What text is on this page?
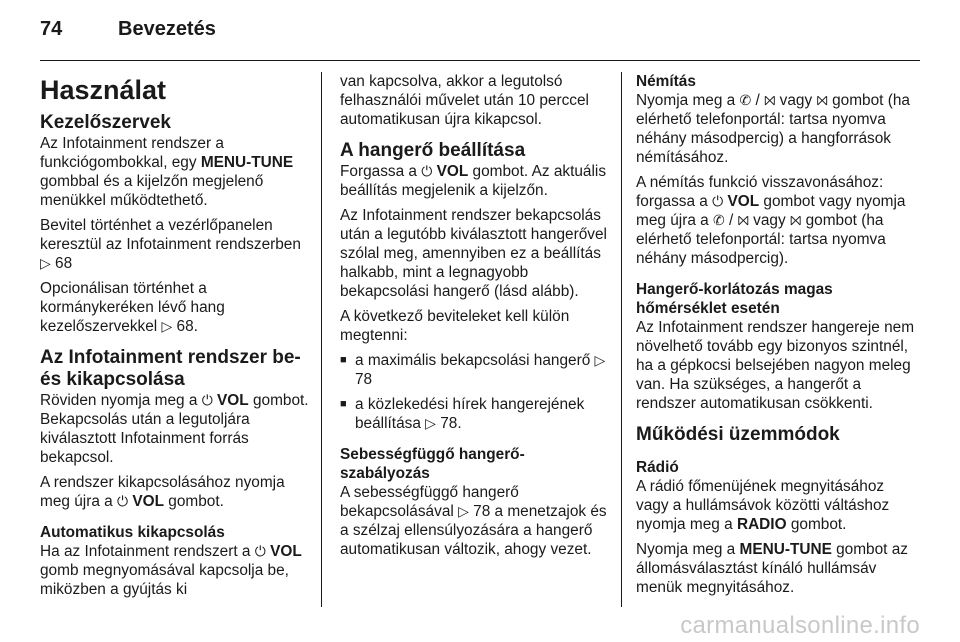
74	Bevezetés
Használat
Kezelőszervek

Az Infotainment rendszer a funkciógombokkal, egy MENU-TUNE gombbal és a kijelzőn megjelenő menükkel működtethető.

Bevitel történhet a vezérlőpanelen keresztül az Infotainment rendszerben ▷ 68

Opcionálisan történhet a kormánykeréken lévő hang kezelőszervekkel ▷ 68.

Az Infotainment rendszer be- és kikapcsolása

Röviden nyomja meg a ⏻ VOL gombot. Bekapcsolás után a legutoljára kiválasztott Infotainment forrás bekapcsol.

A rendszer kikapcsolásához nyomja meg újra a ⏻ VOL gombot.

Automatikus kikapcsolás

Ha az Infotainment rendszert a ⏻ VOL gomb megnyomásával kapcsolja be, miközben a gyújtás ki

van kapcsolva, akkor a legutolsó felhasználói művelet után 10 perccel automatikusan újra kikapcsol.

A hangerő beállítása

Forgassa a ⏻ VOL gombot. Az aktuális beállítás megjelenik a kijelzőn.

Az Infotainment rendszer bekapcsolás után a legutóbb kiválasztott hangerővel szólal meg, amennyiben ez a beállítás halkabb, mint a legnagyobb bekapcsolási hangerő (lásd alább).

A következő beviteleket kell külön megtenni:

■ a maximális bekapcsolási hangerő ▷ 78
■ a közlekedési hírek hangerejének beállítása ▷ 78.
Sebességfüggő hangerő-szabályozás

A sebességfüggő hangerő bekapcsolásával ▷ 78 a menetzajok és a szélzaj ellensúlyozására a hangerő automatikusan változik, ahogy vezet.

Némítás

Nyomja meg a ✆ / ⨝ vagy ⨝ gombot (ha elérhető telefonportál: tartsa nyomva néhány másodpercig) a hangforrások némításához.

A némítás funkció visszavonásához: forgassa a ⏻ VOL gombot vagy nyomja meg újra a ✆ / ⨝ vagy ⨝ gombot (ha elérhető telefonportál: tartsa nyomva néhány másodpercig).

Hangerő-korlátozás magas hőmérséklet esetén

Az Infotainment rendszer hangereje nem növelhető tovább egy bizonyos szintnél, ha a gépkocsi belsejében nagyon meleg van. Ha szükséges, a hangerőt a rendszer automatikusan csökkenti.

Működési üzemmódok
Rádió

A rádió főmenüjének megnyitásához vagy a hullámsávok közötti váltáshoz nyomja meg a RADIO gombot.

Nyomja meg a MENU-TUNE gombot az állomásválasztást kínáló hullámsáv menük megnyitásához.

carmanualsonline.info
